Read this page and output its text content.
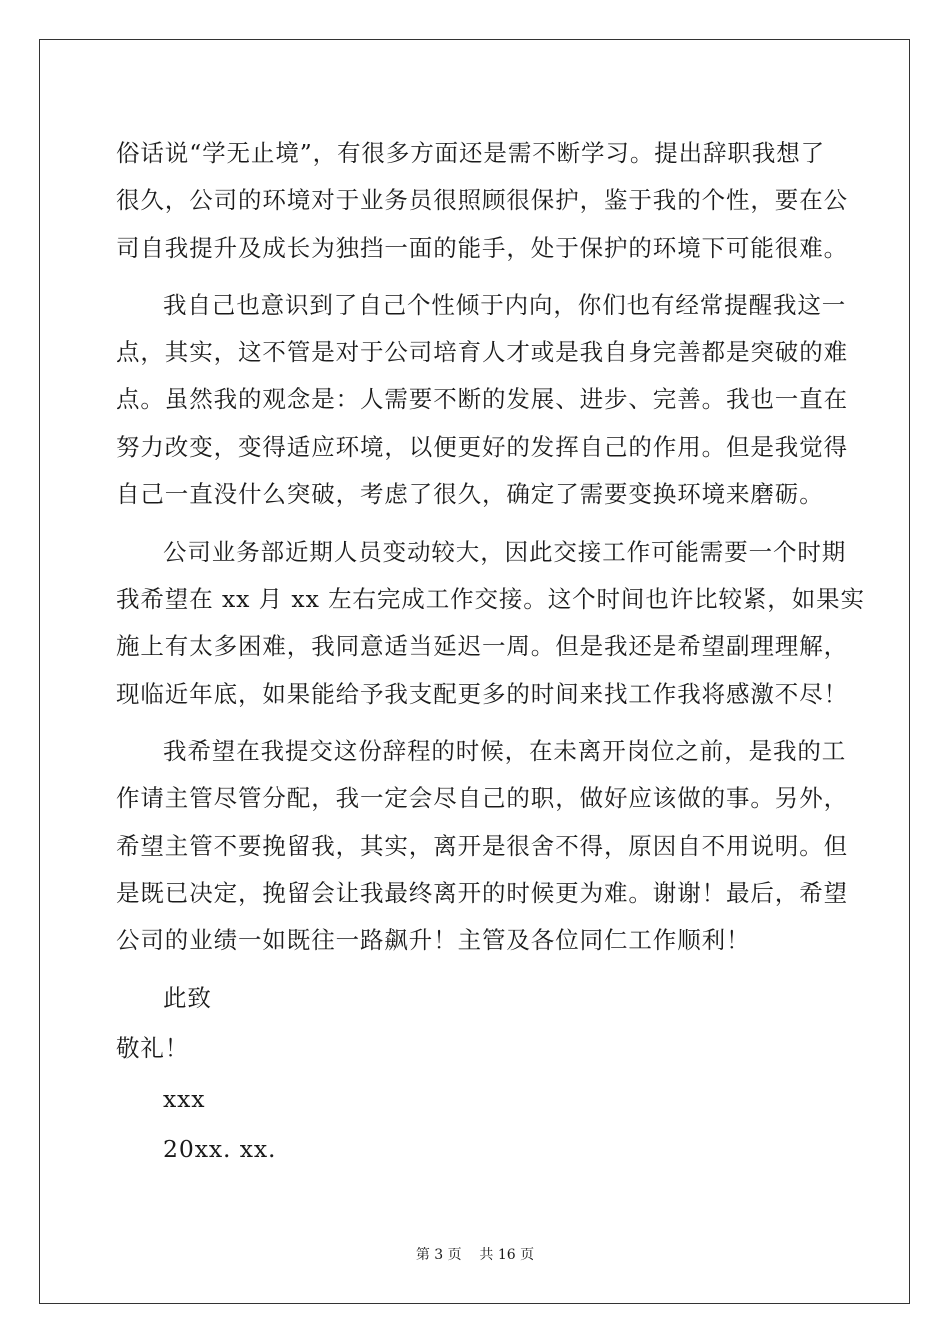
俗话说“学无止境”，有很多方面还是需不断学习。提出辞职我想了
很久，公司的环境对于业务员很照顾很保护，鉴于我的个性，要在公
司自我提升及成长为独挡一面的能手，处于保护的环境下可能很难。
我自己也意识到了自己个性倾于内向，你们也有经常提醒我这一
点，其实，这不管是对于公司培育人才或是我自身完善都是突破的难
点。虽然我的观念是：人需要不断的发展、进步、完善。我也一直在
努力改变，变得适应环境，以便更好的发挥自己的作用。但是我觉得
自己一直没什么突破，考虑了很久，确定了需要变换环境来磨砺。
公司业务部近期人员变动较大，因此交接工作可能需要一个时期
我希望在 xx 月 xx 左右完成工作交接。这个时间也许比较紧，如果实
施上有太多困难，我同意适当延迟一周。但是我还是希望副理理解，
现临近年底，如果能给予我支配更多的时间来找工作我将感激不尽！
我希望在我提交这份辞程的时候，在未离开岗位之前，是我的工
作请主管尽管分配，我一定会尽自己的职，做好应该做的事。另外，
希望主管不要挽留我，其实，离开是很舍不得，原因自不用说明。但
是既已决定，挽留会让我最终离开的时候更为难。谢谢！最后，希望
公司的业绩一如既往一路飙升！主管及各位同仁工作顺利！
此致
敬礼！
xxx
20xx. xx.
第 3 页    共 16 页
